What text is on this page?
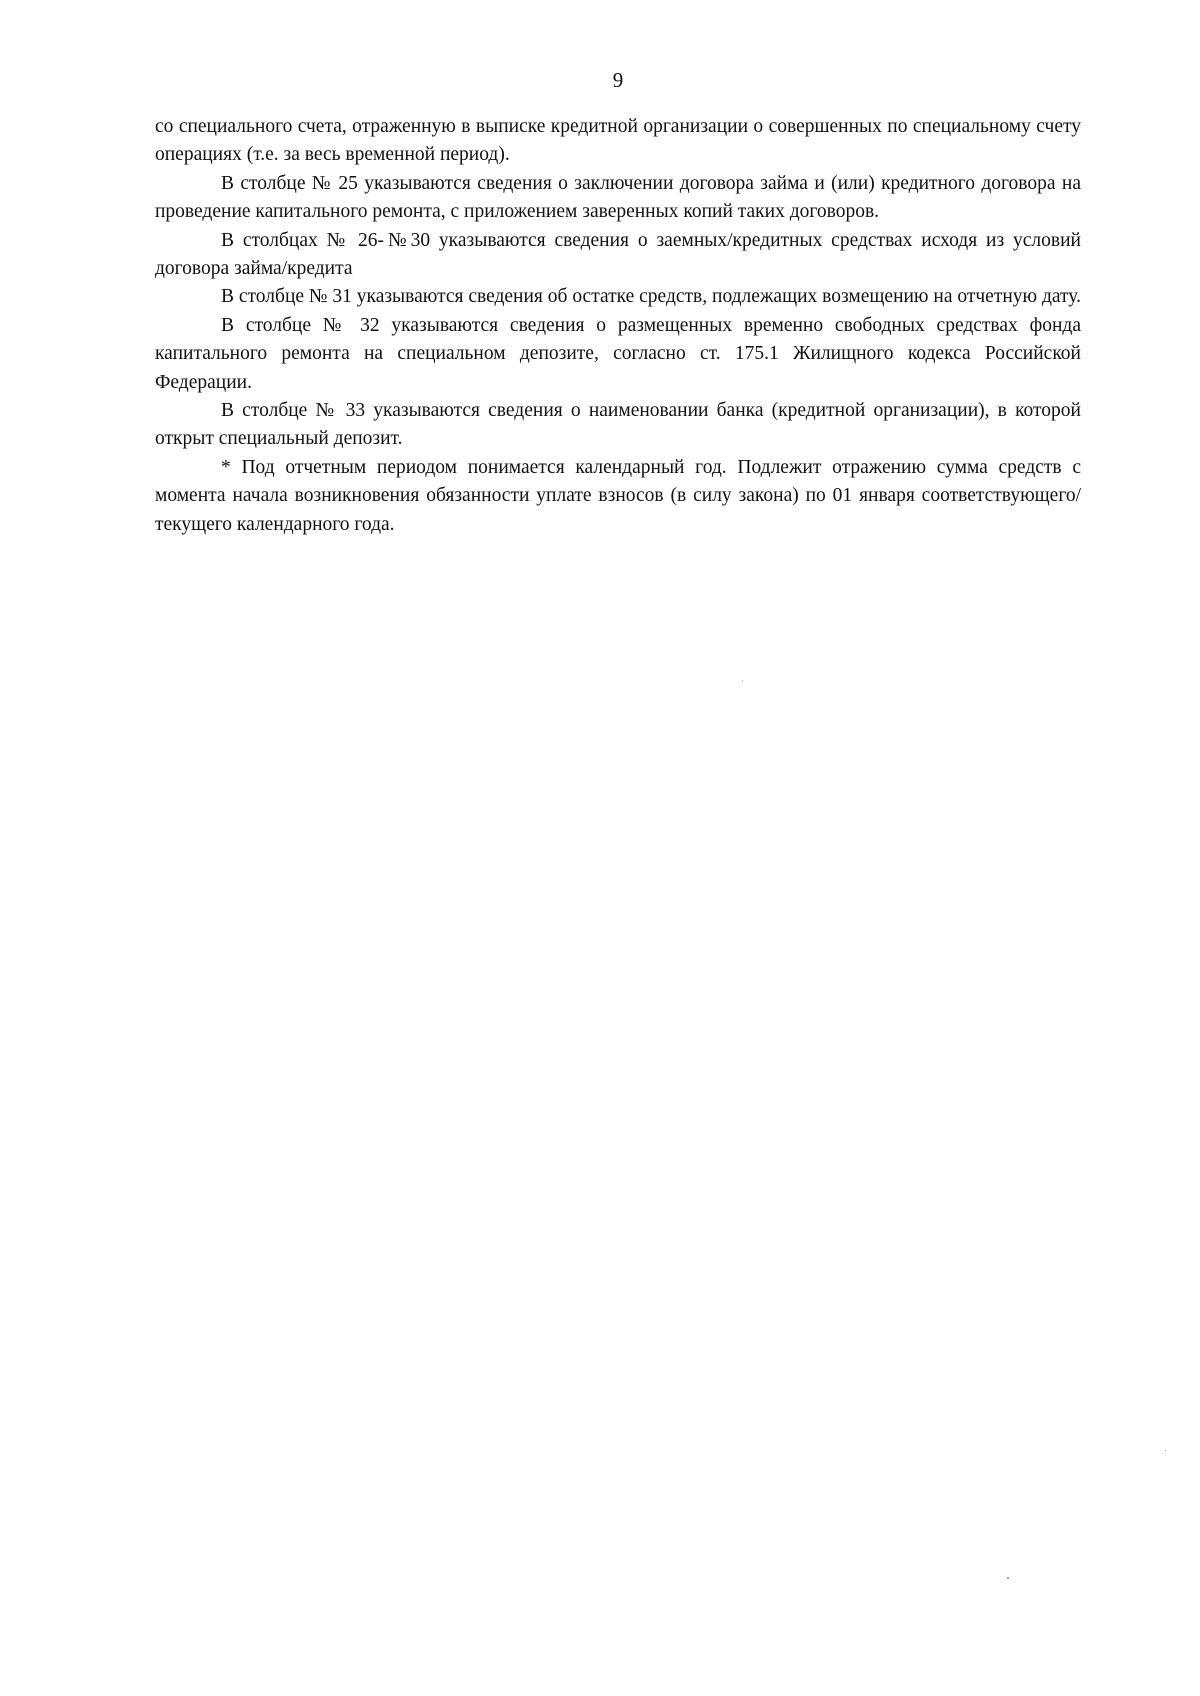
9

со специального счета, отраженную в выписке кредитной организации о совершенных по специальному счету операциях (т.е. за весь временной период).

В столбце № 25 указываются сведения о заключении договора займа и (или) кредитного договора на проведение капитального ремонта, с приложением заверенных копий таких договоров.

В столбцах № 26-№30 указываются сведения о заемных/кредитных средствах исходя из условий договора займа/кредита

В столбце № 31 указываются сведения об остатке средств, подлежащих возмещению на отчетную дату.

В столбце № 32 указываются сведения о размещенных временно свободных средствах фонда капитального ремонта на специальном депозите, согласно ст. 175.1 Жилищного кодекса Российской Федерации.

В столбце № 33 указываются сведения о наименовании банка (кредитной организации), в которой открыт специальный депозит.

* Под отчетным периодом понимается календарный год. Подлежит отражению сумма средств с момента начала возникновения обязанности уплате взносов (в силу закона) по 01 января соответствующего/текущего календарного года.
